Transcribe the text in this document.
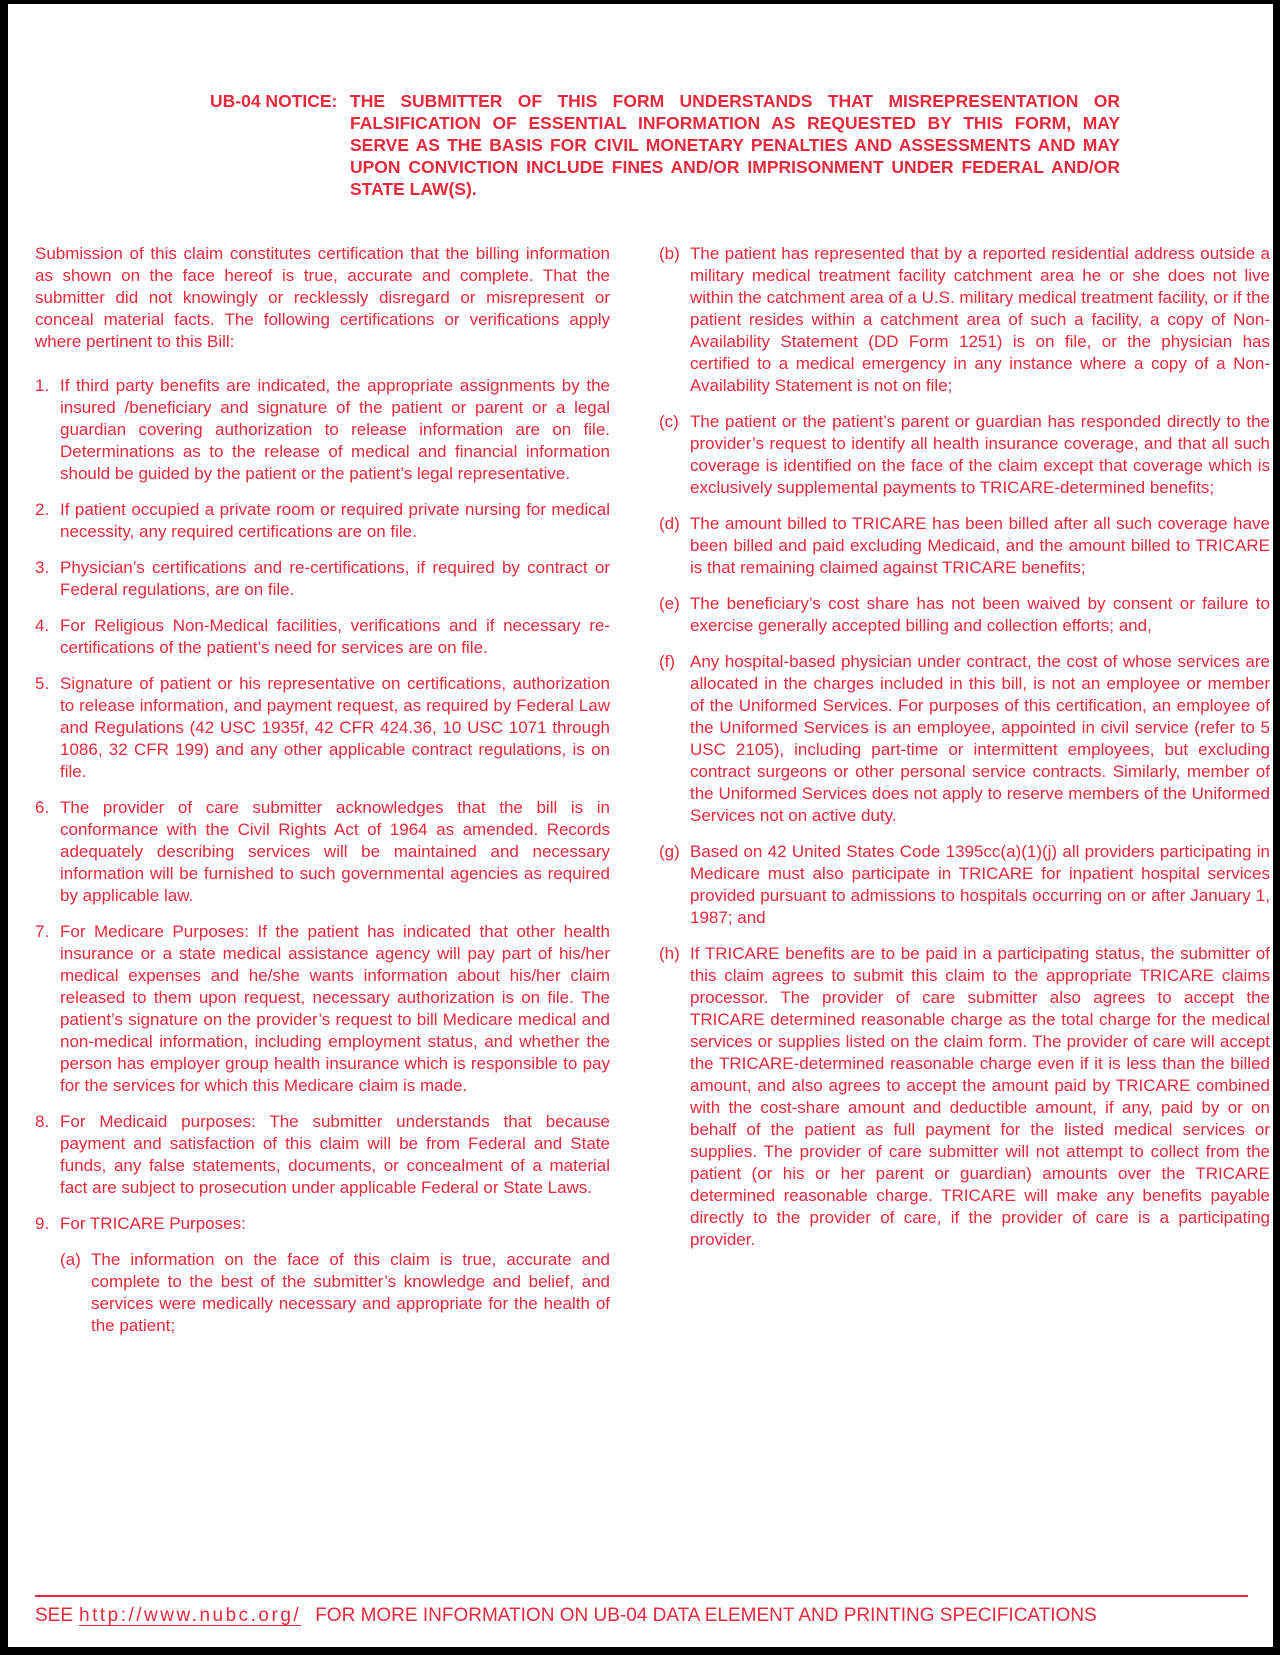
UB-04 NOTICE: THE SUBMITTER OF THIS FORM UNDERSTANDS THAT MISREPRESENTATION OR FALSIFICATION OF ESSENTIAL INFORMATION AS REQUESTED BY THIS FORM, MAY SERVE AS THE BASIS FOR CIVIL MONETARY PENALTIES AND ASSESSMENTS AND MAY UPON CONVICTION INCLUDE FINES AND/OR IMPRISONMENT UNDER FEDERAL AND/OR STATE LAW(S).

Submission of this claim constitutes certification that the billing information as shown on the face hereof is true, accurate and complete. That the submitter did not knowingly or recklessly disregard or misrepresent or conceal material facts. The following certifications or verifications apply where pertinent to this Bill:

1. If third party benefits are indicated, the appropriate assignments by the insured /beneficiary and signature of the patient or parent or a legal guardian covering authorization to release information are on file. Determinations as to the release of medical and financial information should be guided by the patient or the patient’s legal representative.
2. If patient occupied a private room or required private nursing for medical necessity, any required certifications are on file.
3. Physician’s certifications and re-certifications, if required by contract or Federal regulations, are on file.
4. For Religious Non-Medical facilities, verifications and if necessary re-certifications of the patient’s need for services are on file.
5. Signature of patient or his representative on certifications, authorization to release information, and payment request, as required by Federal Law and Regulations (42 USC 1935f, 42 CFR 424.36, 10 USC 1071 through 1086, 32 CFR 199) and any other applicable contract regulations, is on file.
6. The provider of care submitter acknowledges that the bill is in conformance with the Civil Rights Act of 1964 as amended. Records adequately describing services will be maintained and necessary information will be furnished to such governmental agencies as required by applicable law.
7. For Medicare Purposes: If the patient has indicated that other health insurance or a state medical assistance agency will pay part of his/her medical expenses and he/she wants information about his/her claim released to them upon request, necessary authorization is on file. The patient’s signature on the provider’s request to bill Medicare medical and non-medical information, including employment status, and whether the person has employer group health insurance which is responsible to pay for the services for which this Medicare claim is made.
8. For Medicaid purposes: The submitter understands that because payment and satisfaction of this claim will be from Federal and State funds, any false statements, documents, or concealment of a material fact are subject to prosecution under applicable Federal or State Laws.
9. For TRICARE Purposes:
(a) The information on the face of this claim is true, accurate and complete to the best of the submitter’s knowledge and belief, and services were medically necessary and appropriate for the health of the patient;
(b) The patient has represented that by a reported residential address outside a military medical treatment facility catchment area he or she does not live within the catchment area of a U.S. military medical treatment facility, or if the patient resides within a catchment area of such a facility, a copy of Non-Availability Statement (DD Form 1251) is on file, or the physician has certified to a medical emergency in any instance where a copy of a Non-Availability Statement is not on file;
(c) The patient or the patient’s parent or guardian has responded directly to the provider’s request to identify all health insurance coverage, and that all such coverage is identified on the face of the claim except that coverage which is exclusively supplemental payments to TRICARE-determined benefits;
(d) The amount billed to TRICARE has been billed after all such coverage have been billed and paid excluding Medicaid, and the amount billed to TRICARE is that remaining claimed against TRICARE benefits;
(e) The beneficiary’s cost share has not been waived by consent or failure to exercise generally accepted billing and collection efforts; and,
(f) Any hospital-based physician under contract, the cost of whose services are allocated in the charges included in this bill, is not an employee or member of the Uniformed Services. For purposes of this certification, an employee of the Uniformed Services is an employee, appointed in civil service (refer to 5 USC 2105), including part-time or intermittent employees, but excluding contract surgeons or other personal service contracts. Similarly, member of the Uniformed Services does not apply to reserve members of the Uniformed Services not on active duty.
(g) Based on 42 United States Code 1395cc(a)(1)(j) all providers participating in Medicare must also participate in TRICARE for inpatient hospital services provided pursuant to admissions to hospitals occurring on or after January 1, 1987; and
(h) If TRICARE benefits are to be paid in a participating status, the submitter of this claim agrees to submit this claim to the appropriate TRICARE claims processor. The provider of care submitter also agrees to accept the TRICARE determined reasonable charge as the total charge for the medical services or supplies listed on the claim form. The provider of care will accept the TRICARE-determined reasonable charge even if it is less than the billed amount, and also agrees to accept the amount paid by TRICARE combined with the cost-share amount and deductible amount, if any, paid by or on behalf of the patient as full payment for the listed medical services or supplies. The provider of care submitter will not attempt to collect from the patient (or his or her parent or guardian) amounts over the TRICARE determined reasonable charge. TRICARE will make any benefits payable directly to the provider of care, if the provider of care is a participating provider.
SEE http://www.nubc.org/ FOR MORE INFORMATION ON UB-04 DATA ELEMENT AND PRINTING SPECIFICATIONS
